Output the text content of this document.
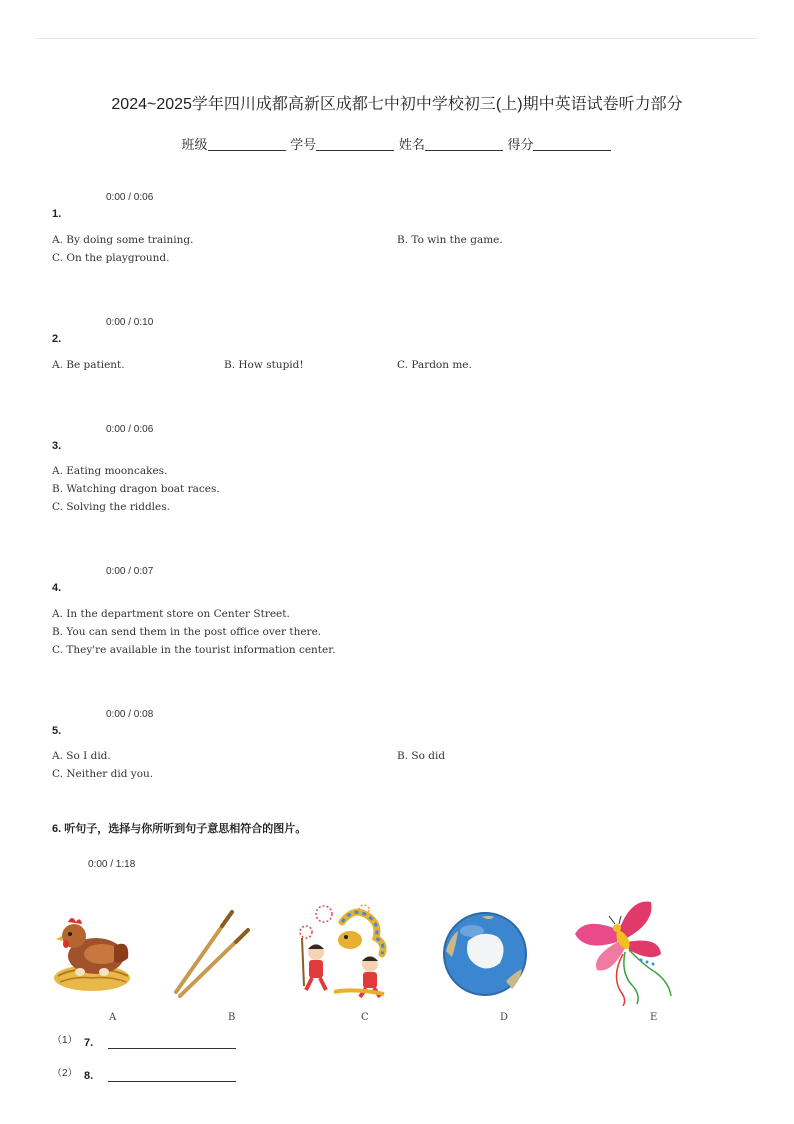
2024~2025学年四川成都高新区成都七中初中学校初三(上)期中英语试卷听力部分
班级	学号	姓名	得分
0:00 / 0:06
1.
A. By doing some training.	B. To win the game.
C. On the playground.
0:00 / 0:10
2.
A. Be patient.	B. How stupid!	C. Pardon me.
0:00 / 0:06
3.
A. Eating mooncakes.
B. Watching dragon boat races.
C. Solving the riddles.
0:00 / 0:07
4.
A. In the department store on Center Street.
B. You can send them in the post office over there.
C. They're available in the tourist information center.
0:00 / 0:08
5.
A. So I did.	B. So did
C. Neither did you.
6. 听句子，选择与你所听到句子意思相符合的图片。
0:00 / 1:18
A	B	C	D	E
（1） 7.
（2） 8.
